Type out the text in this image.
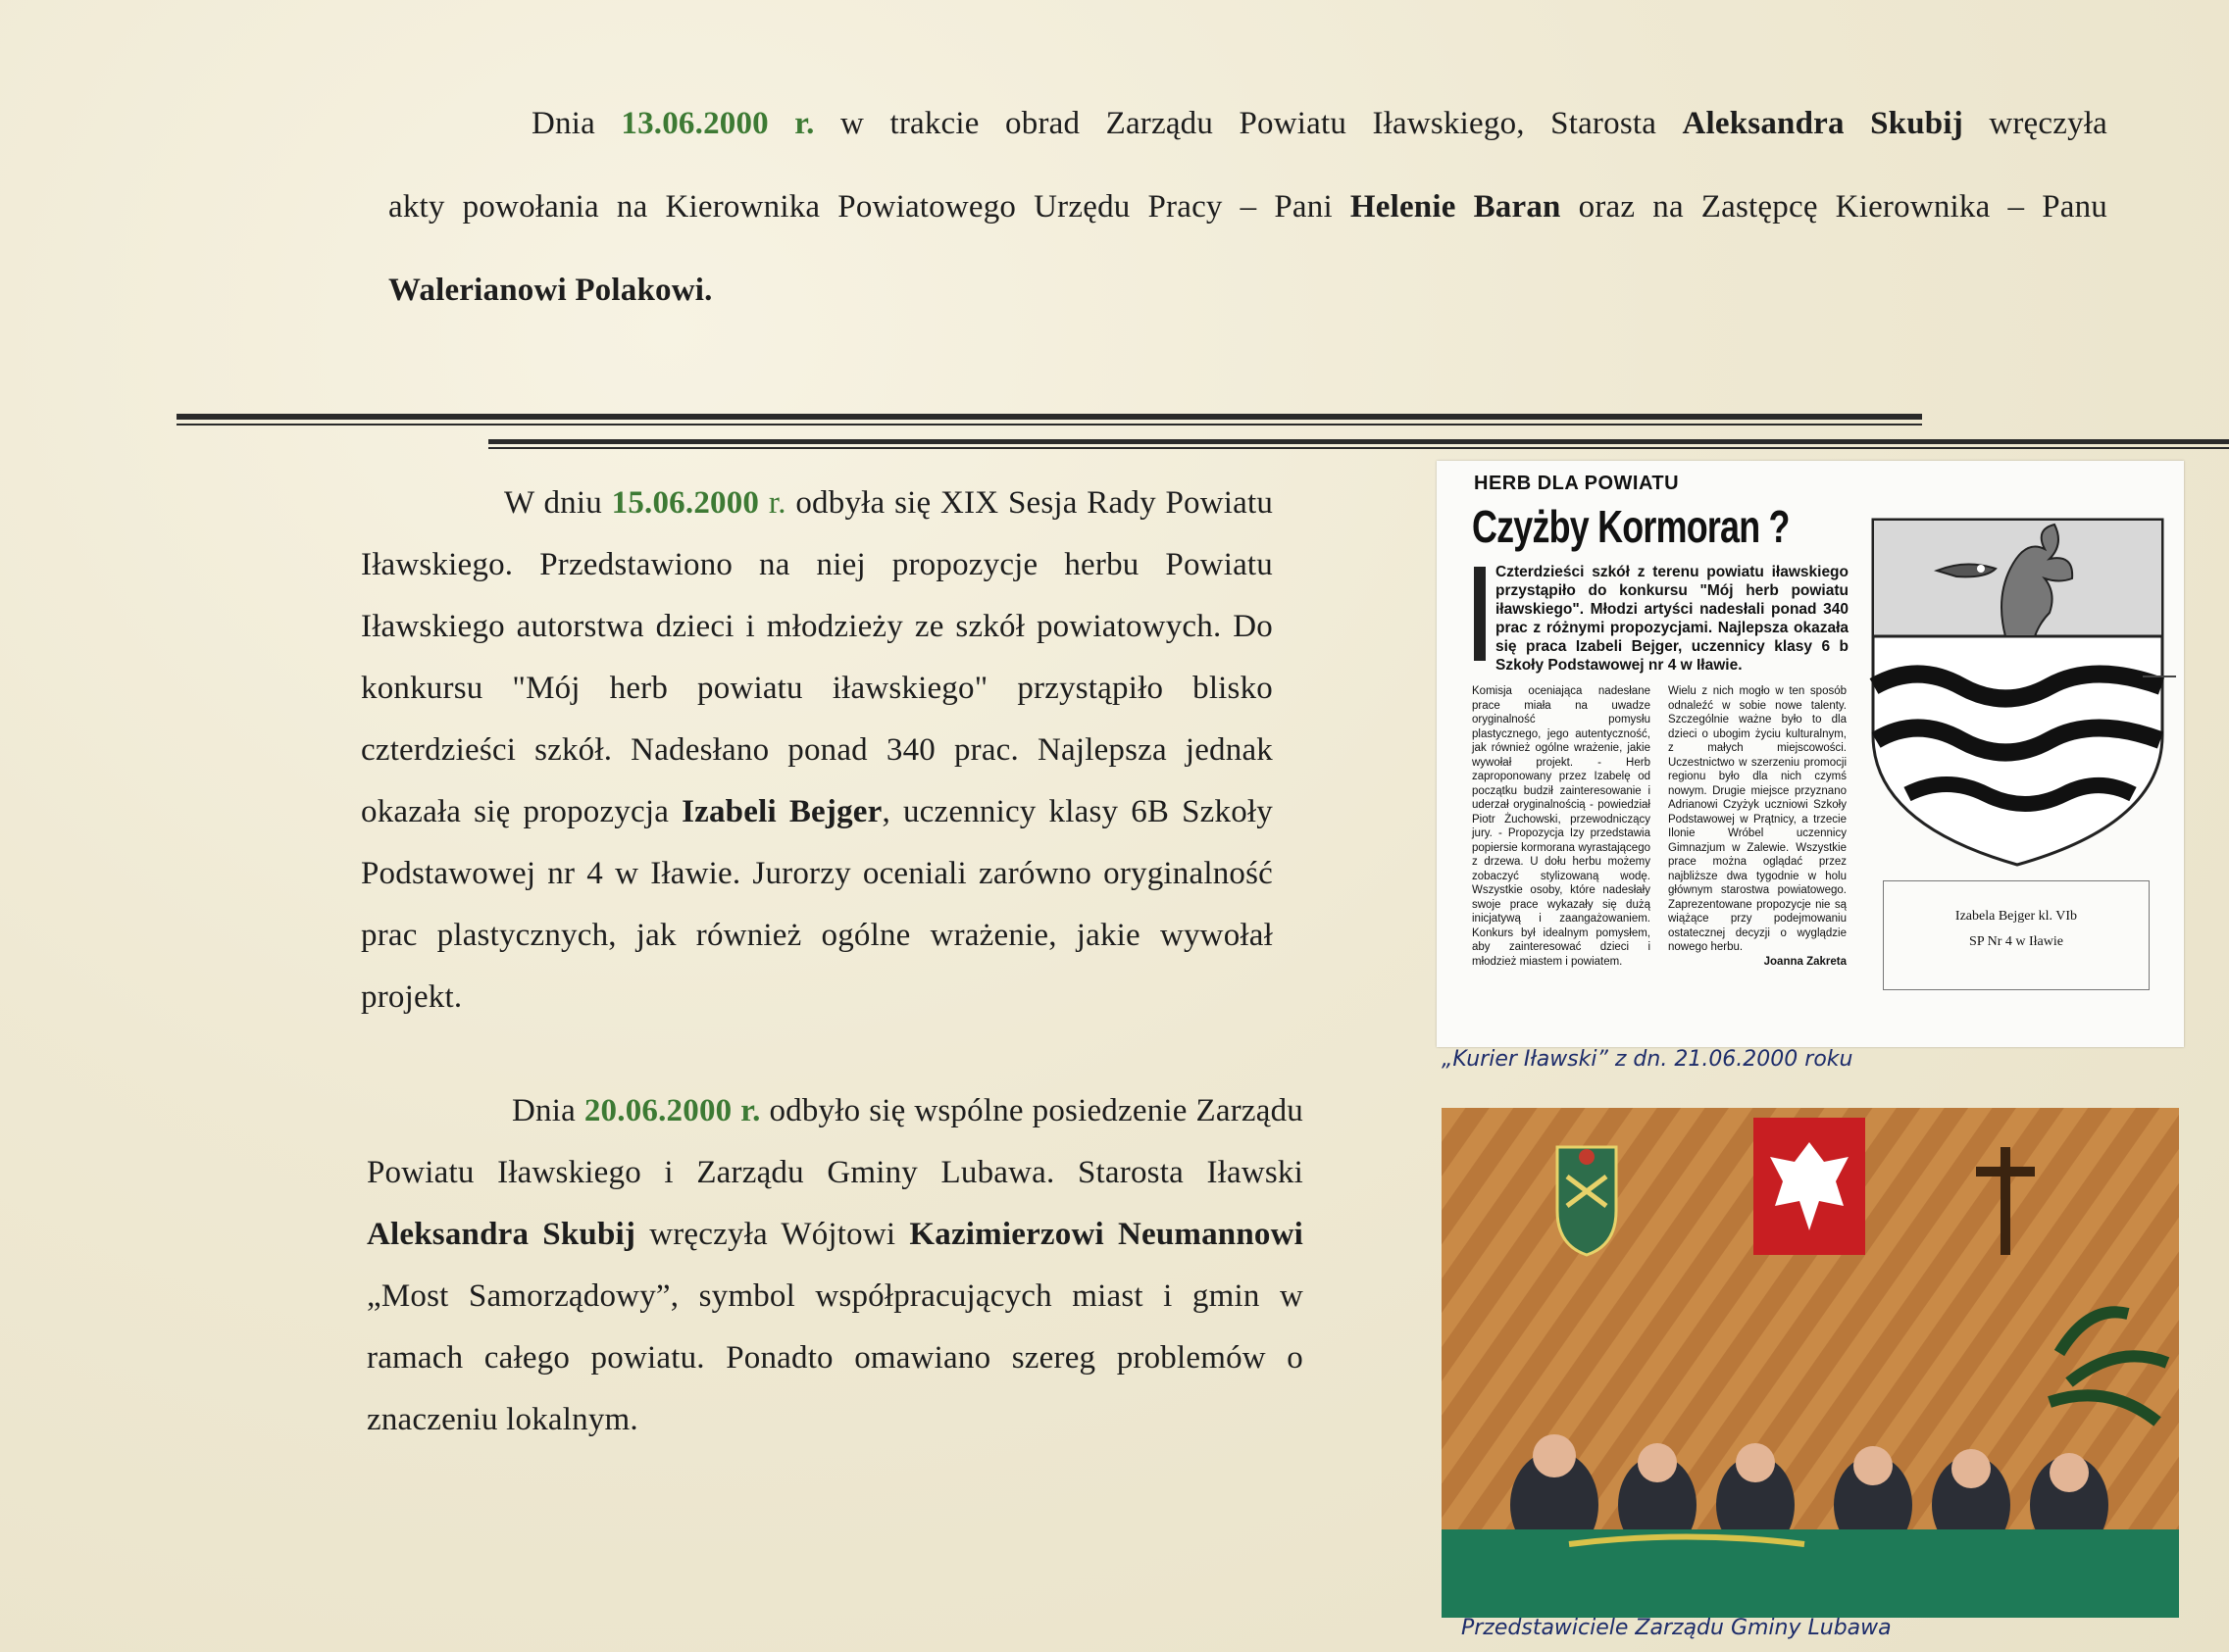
Dnia 13.06.2000 r. w trakcie obrad Zarządu Powiatu Iławskiego, Starosta Aleksandra Skubij wręczyła
akty powołania na Kierownika Powiatowego Urzędu Pracy – Pani Helenie Baran oraz na Zastępcę Kierownika – Panu
Walerianowi Polakowi.
W dniu 15.06.2000 r. odbyła się XIX Sesja Rady Powiatu Iławskiego. Przedstawiono na niej propozycje herbu Powiatu Iławskiego autorstwa dzieci i młodzieży ze szkół powiatowych. Do konkursu "Mój herb powiatu iławskiego" przystąpiło blisko czterdzieści szkół. Nadesłano ponad 340 prac. Najlepsza jednak okazała się propozycja Izabeli Bejger, uczennicy klasy 6B Szkoły Podstawowej nr 4 w Iławie. Jurorzy oceniali zarówno oryginalność prac plastycznych, jak również ogólne wrażenie, jakie wywołał projekt.
Dnia 20.06.2000 r. odbyło się wspólne posiedzenie Zarządu Powiatu Iławskiego i Zarządu Gminy Lubawa. Starosta Iławski Aleksandra Skubij wręczyła Wójtowi Kazimierzowi Neumannowi „Most Samorządowy”, symbol współpracujących miast i gmin w ramach całego powiatu. Ponadto omawiano szereg problemów o znaczeniu lokalnym.
HERB DLA POWIATU
Czyżby Kormoran ?
Czterdzieści szkół z terenu powiatu iławskiego przystąpiło do konkursu "Mój herb powiatu iławskiego". Młodzi artyści nadesłali ponad 340 prac z różnymi propozycjami. Najlepsza okazała się praca Izabeli Bejger, uczennicy klasy 6 b Szkoły Podstawowej nr 4 w Iławie.
Komisja oceniająca nadesłane prace miała na uwadze oryginalność pomysłu plastycznego, jego autentyczność, jak również ogólne wrażenie, jakie wywołał projekt. - Herb zaproponowany przez Izabelę od początku budził zainteresowanie i uderzał oryginalnością - powiedział Piotr Żuchowski, przewodniczący jury. - Propozycja Izy przedstawia popiersie kormorana wyrastającego z drzewa. U dołu herbu możemy zobaczyć stylizowaną wodę. Wszystkie osoby, które nadesłały swoje prace wykazały się dużą inicjatywą i zaangażowaniem. Konkurs był idealnym pomysłem, aby zainteresować dzieci i młodzież miastem i powiatem.
Wielu z nich mogło w ten sposób odnaleźć w sobie nowe talenty. Szczególnie ważne było to dla dzieci o ubogim życiu kulturalnym, z małych miejscowości. Uczestnictwo w szerzeniu promocji regionu było dla nich czymś nowym. Drugie miejsce przyznano Adrianowi Czyżyk uczniowi Szkoły Podstawowej w Prątnicy, a trzecie Ilonie Wróbel uczennicy Gimnazjum w Zalewie. Wszystkie prace można oglądać przez najbliższe dwa tygodnie w holu głównym starostwa powiatowego. Zaprezentowane propozycje nie są wiążące przy podejmowaniu ostatecznej decyzji o wyglądzie nowego herbu.
Joanna Zakreta
Izabela Bejger kl. VIb
SP Nr 4 w Iławie
„Kurier Iławski” z dn. 21.06.2000 roku
Przedstawiciele Zarządu Gminy Lubawa
